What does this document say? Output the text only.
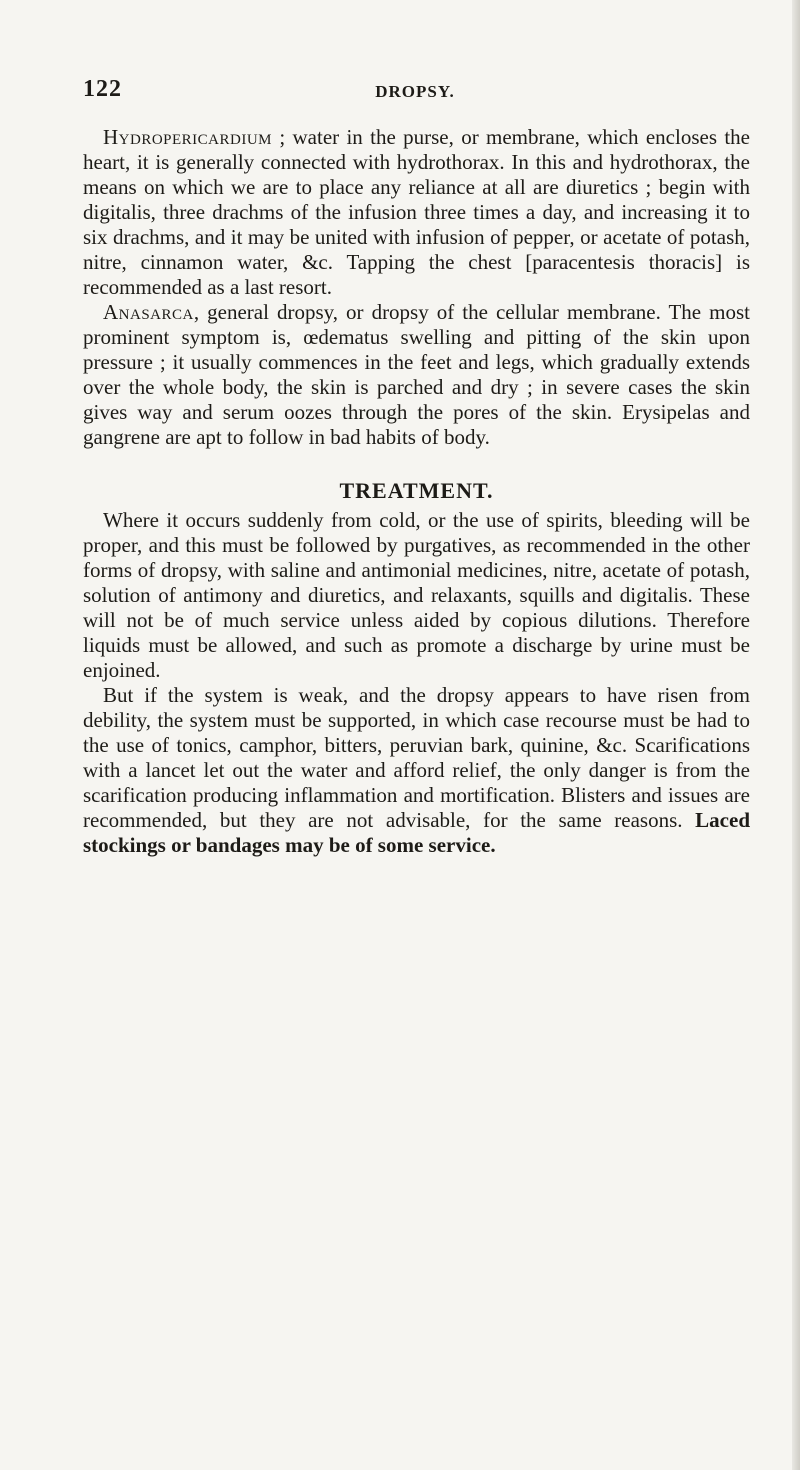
122	DROPSY.

Hydropericardium ; water in the purse, or membrane, which encloses the heart, it is generally connected with hydrothorax. In this and hydrothorax, the means on which we are to place any reliance at all are diuretics ; begin with digitalis, three drachms of the infusion three times a day, and increasing it to six drachms, and it may be united with infusion of pepper, or acetate of potash, nitre, cinnamon water, &c. Tapping the chest [paracentesis thoracis] is recommended as a last resort.

Anasarca, general dropsy, or dropsy of the cellular membrane. The most prominent symptom is, œdematus swelling and pitting of the skin upon pressure ; it usually commences in the feet and legs, which gradually extends over the whole body, the skin is parched and dry ; in severe cases the skin gives way and serum oozes through the pores of the skin. Erysipelas and gangrene are apt to follow in bad habits of body.

TREATMENT.

Where it occurs suddenly from cold, or the use of spirits, bleeding will be proper, and this must be followed by purgatives, as recommended in the other forms of dropsy, with saline and antimonial medicines, nitre, acetate of potash, solution of antimony and diuretics, and relaxants, squills and digitalis. These will not be of much service unless aided by copious dilutions. Therefore liquids must be allowed, and such as promote a discharge by urine must be enjoined.

But if the system is weak, and the dropsy appears to have risen from debility, the system must be supported, in which case recourse must be had to the use of tonics, camphor, bitters, peruvian bark, quinine, &c. Scarifications with a lancet let out the water and afford relief, the only danger is from the scarification producing inflammation and mortification. Blisters and issues are recommended, but they are not advisable, for the same reasons. Laced stockings or bandages may be of some service.
